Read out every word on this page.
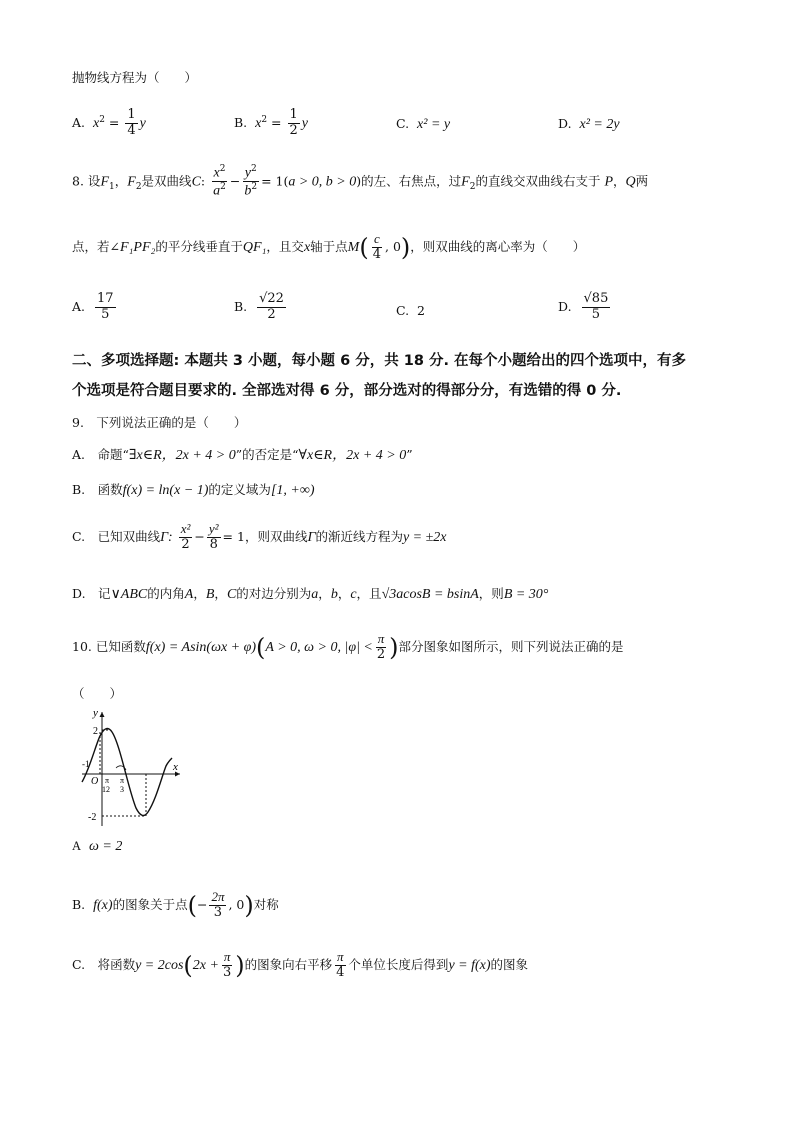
抛物线方程为（　　）
A. $x^2 = \frac{1}{4}$ y	B. $x^2 = \frac{1}{2}$ y	C. x² = y	D. x² = 2y
8. 设$F_1$，$F_2$是双曲线C: $\frac{x^2}{a^2} - \frac{y^2}{b^2} = 1(a > 0$, b > 0)的左、右焦点，过$F_2$的直线交双曲线右支于 P，Q两
点，若∠F₁PF₂的平分线垂直于QF₁，且交x轴于点$M( \frac{c}{4}$ , 0)，则双曲线的离心率为（　　）
A. $\frac{17}{5}$	B. $\frac{√22}{2}$	C. 2	D. $\frac{√85}{5}$
二、多项选择题: 本题共 3 小题，每小题 6 分，共 18 分. 在每个小题给出的四个选项中，有多
个选项是符合题目要求的. 全部选对得 6 分，部分选对的得部分分，有选错的得 0 分.
9.　下列说法正确的是（　　）
A.　命题“∃x∈R，2x + 4 > 0”的否定是“∀x∈R，2x + 4 > 0”
B.　函数f(x) = ln(x − 1)的定义域为[1, +∞)
C.　已知双曲线Γ: $\frac{\text{x²}}{2} - \frac{\text{y²}}{8} = 1$，则双曲线Γ的渐近线方程为y = ±2x
D.　记∨ABC的内角A，B，C的对边分别为a，b，c，且√3acosB = bsinA，则B = 30°
10. 已知函数f(x) = Asin(ωx + φ)(A > 0, ω > 0, $|\varphi| < \frac{\pi}{2}$ )部分图象如图所示，则下列说法正确的是
（　　）
y
x
2
-2
-1
O π
12
π
3
A ω = 2
B. f(x)的图象关于点(− $\frac{2\pi}{3}$ , 0)对称
C.　将函数$y = 2\cos(2x + \frac{\pi}{3}$ )的图象向右平移 $\frac{\pi}{4}$ 个单位长度后得到y = f(x)的图象
